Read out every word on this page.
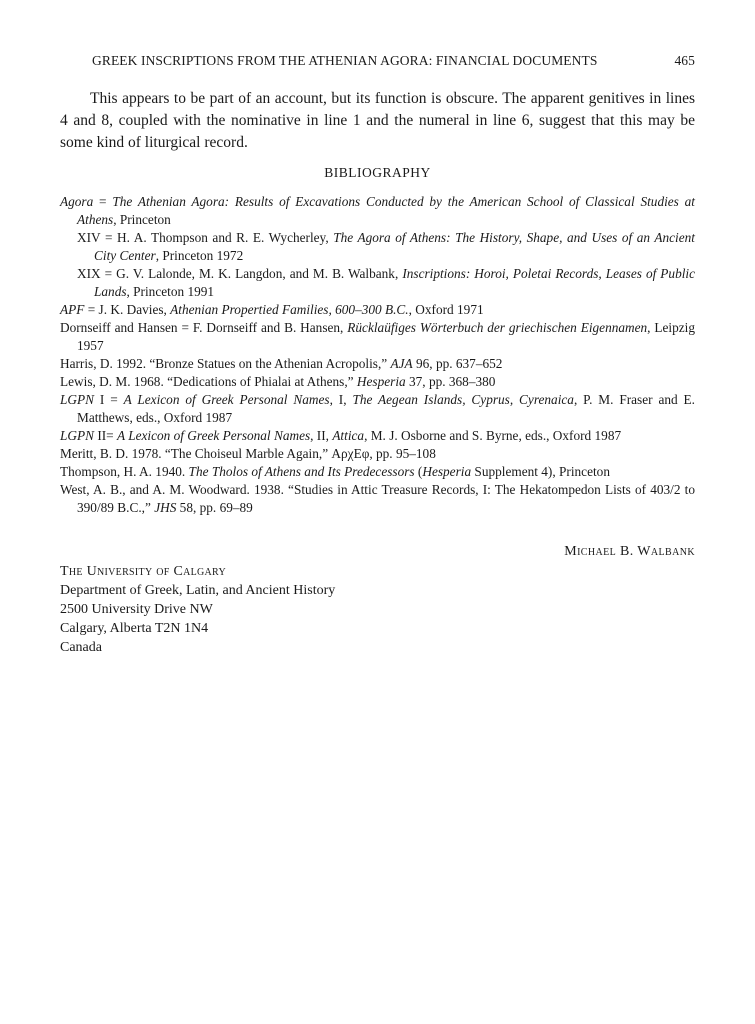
GREEK INSCRIPTIONS FROM THE ATHENIAN AGORA: FINANCIAL DOCUMENTS	465

This appears to be part of an account, but its function is obscure. The apparent genitives in lines 4 and 8, coupled with the nominative in line 1 and the numeral in line 6, suggest that this may be some kind of liturgical record.

BIBLIOGRAPHY
Agora = The Athenian Agora: Results of Excavations Conducted by the American School of Classical Studies at Athens, Princeton
XIV = H. A. Thompson and R. E. Wycherley, The Agora of Athens: The History, Shape, and Uses of an Ancient City Center, Princeton 1972
XIX = G. V. Lalonde, M. K. Langdon, and M. B. Walbank, Inscriptions: Horoi, Poletai Records, Leases of Public Lands, Princeton 1991
APF = J. K. Davies, Athenian Propertied Families, 600–300 B.C., Oxford 1971
Dornseiff and Hansen = F. Dornseiff and B. Hansen, Rücklaüfiges Wörterbuch der griechischen Eigennamen, Leipzig 1957
Harris, D. 1992. “Bronze Statues on the Athenian Acropolis,” AJA 96, pp. 637–652
Lewis, D. M. 1968. “Dedications of Phialai at Athens,” Hesperia 37, pp. 368–380
LGPN I = A Lexicon of Greek Personal Names, I, The Aegean Islands, Cyprus, Cyrenaica, P. M. Fraser and E. Matthews, eds., Oxford 1987
LGPN II= A Lexicon of Greek Personal Names, II, Attica, M. J. Osborne and S. Byrne, eds., Oxford 1987
Meritt, B. D. 1978. “The Choiseul Marble Again,” ΑρχΕφ, pp. 95–108
Thompson, H. A. 1940. The Tholos of Athens and Its Predecessors (Hesperia Supplement 4), Princeton
West, A. B., and A. M. Woodward. 1938. “Studies in Attic Treasure Records, I: The Hekatompedon Lists of 403/2 to 390/89 B.C.,” JHS 58, pp. 69–89
Michael B. Walbank
The University of Calgary
Department of Greek, Latin, and Ancient History
2500 University Drive NW
Calgary, Alberta T2N 1N4
Canada
